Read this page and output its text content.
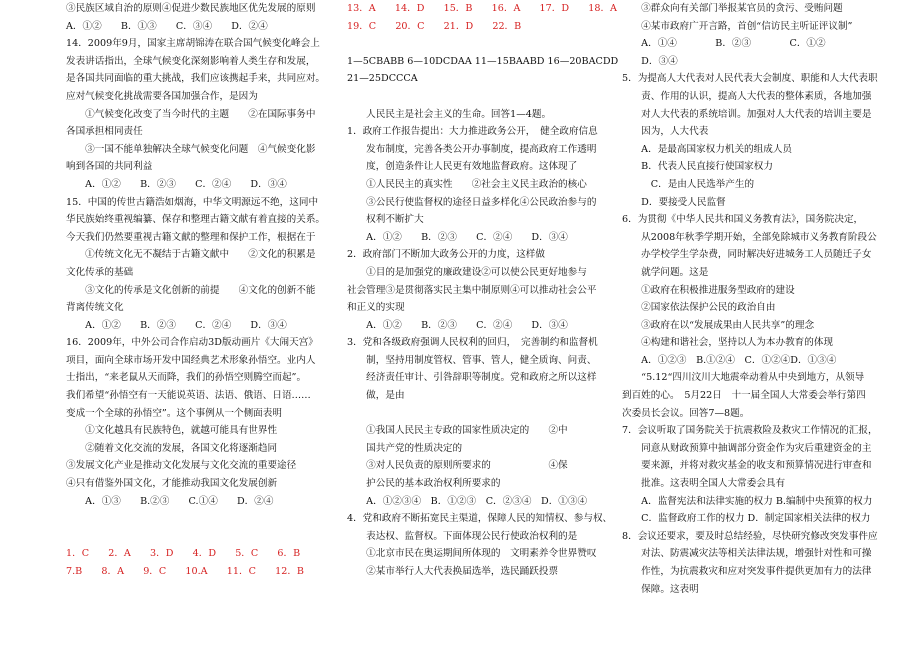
③民族区域自治的原则④促进少数民族地区优先发展的原则

A．①②　　B．①③　　C．③④　　D．②④

14．2009年9月，国家主席胡锦涛在联合国气候变化峰会上

发表讲话指出，全球气候变化深刻影响着人类生存和发展，

是各国共同面临的重大挑战，我们应该携起手来，共同应对。

应对气候变化挑战需要各国加强合作，是因为

　　①气候变化改变了当今时代的主题　　②在国际事务中

各国承担相同责任

　　③一国不能单独解决全球气候变化问题　④气候变化影

响到各国的共同利益

　　A．①②　　B．②③　　C．②④　　D．③④

15．中国的传世古籍浩如烟海，中华文明源远不绝，这同中

华民族始终重视编纂、保存和整理古籍文献有着直接的关系。

今天我们仍然要重视古籍文献的整理和保护工作，根据在于

　　①传统文化无不凝结于古籍文献中　　②文化的积累是

文化传承的基础

　　③文化的传承是文化创新的前提　　④文化的创新不能

背离传统文化

　　A．①②　　B．②③　　C．②④　　D．③④

16．2009年，中外公司合作启动3D版动画片《大闹天宫》

项目，面向全球市场开发中国经典艺术形象孙悟空。业内人

士指出，“来老鼠从天而降，我们的孙悟空则腾空而起”。

我们希望“孙悟空有一天能说英语、法语、俄语、日语……

变成一个全球的孙悟空”。这个事例从一个侧面表明

　　①文化越具有民族特色，就越可能具有世界性

　　②随着文化交流的发展，各国文化将逐渐趋同

③发展文化产业是推动文化发展与文化交流的重要途径

④只有借鉴外国文化，才能推动我国文化发展创新

　　A．①③　　B.②③　　C.①④　　D．②④

1．C　　2．A　　3．D　　4．D　　5．C　　6．B

7.B　　8．A　　9．C　　10.A　　11．C　　12．B

13．A　　14．D　　15．B　　16．A　　17．D　　18．A

19．C　　20．C　　21．D　　22．B

1—5CBABB 6—10DCDAA 11—15BAABD 16—20BACDD

21—25DCCCA

　　人民民主是社会主义的生命。回答1—4题。

1．政府工作报告提出：大力推进政务公开，　健全政府信息

　　发布制度，完善各类公开办事制度，提高政府工作透明

　　度，创造条件让人民更有效地监督政府。这体现了

　　①人民民主的真实性　　②社会主义民主政治的核心

　　③公民行使监督权的途径日益多样化④公民政治参与的

　　权利不断扩大

　　A．①②　　B．②③　　C．②④　　D．③④

2．政府部门不断加大政务公开的力度，这样做

　　①目的是加强党的廉政建设②可以使公民更好地参与

社会管理③是贯彻落实民主集中制原则④可以推动社会公平

和正义的实现

　　A．①②　　B．②③　　C．②④　　D．③④

3．党和各级政府强调人民权利的回归，　完善制约和监督机

　　制，坚持用制度管权、管事、管人，健全质询、问责、

　　经济责任审计、引咎辞职等制度。党和政府之所以这样

　　做，是由

　　①我国人民民主专政的国家性质决定的　　②中

　　国共产党的性质决定的

　　③对人民负责的原则所要求的　　　　　　④保

　　护公民的基本政治权利所要求的

　　A．①②③④　B．①②③　C．②③④　D．①③④

4．党和政府不断拓宽民主渠道，保障人民的知情权、参与权、

　　表达权、监督权。下面体现公民行使政治权利的是

　　①北京市民在奥运期间所体现的　文明素养令世界赞叹

　　②某市举行人大代表换届选举，选民踊跃投票

　　③群众向有关部门举报某官员的贪污、受贿问题

　　④某市政府广开言路，首创“信访民主听证评议制”

　　A．①④　　　　B．②③　　　　C．①②

　　D．③④

5．为提高人大代表对人民代表大会制度、职能和人大代表职

　　责、作用的认识，提高人大代表的整体素质，各地加强

　　对人大代表的系统培训。加强对人大代表的培训主要是

　　因为，人大代表

　　A．是最高国家权力机关的组成人员

　　B．代表人民直接行使国家权力

　　　C．是由人民选举产生的

　　D．要接受人民监督

6．为贯彻《中华人民共和国义务教育法》，国务院决定，

　　从2008年秋季学期开始，全部免除城市义务教育阶段公

　　办学校学生学杂费，同时解决好进城务工人员随迁子女

　　就学问题。这是

　　①政府在积极推进服务型政府的建设

　　②国家依法保护公民的政治自由

　　③政府在以“发展成果由人民共享”的理念

　　④构建和谐社会，坚持以人为本办教育的体现

　　A．①②③　B.①②④　C．①②④D．①③④

　　“5.12“四川汶川大地震牵动着从中央到地方，从领导

到百姓的心。　5月22日　十一届全国人大常委会举行第四

次委员长会议。回答7—8题。

7．会议听取了国务院关于抗震救险及救灾工作情况的汇报，

　　同意从财政预算中抽调部分资金作为灾后重建资金的主

　　要来源，并将对救灾基金的收支和预算情况进行审查和

　　批准。这表明全国人大常委会具有

　　A．监督宪法和法律实施的权力 B.编制中央预算的权力

　　C．监督政府工作的权力 D．制定国家相关法律的权力

8．会议还要求，要及时总结经验，尽快研究修改突发事件应

　　对法、防震减灾法等相关法律法规，增强针对性和可操

　　作性，为抗震救灾和应对突发事件提供更加有力的法律

　　保障。这表明
